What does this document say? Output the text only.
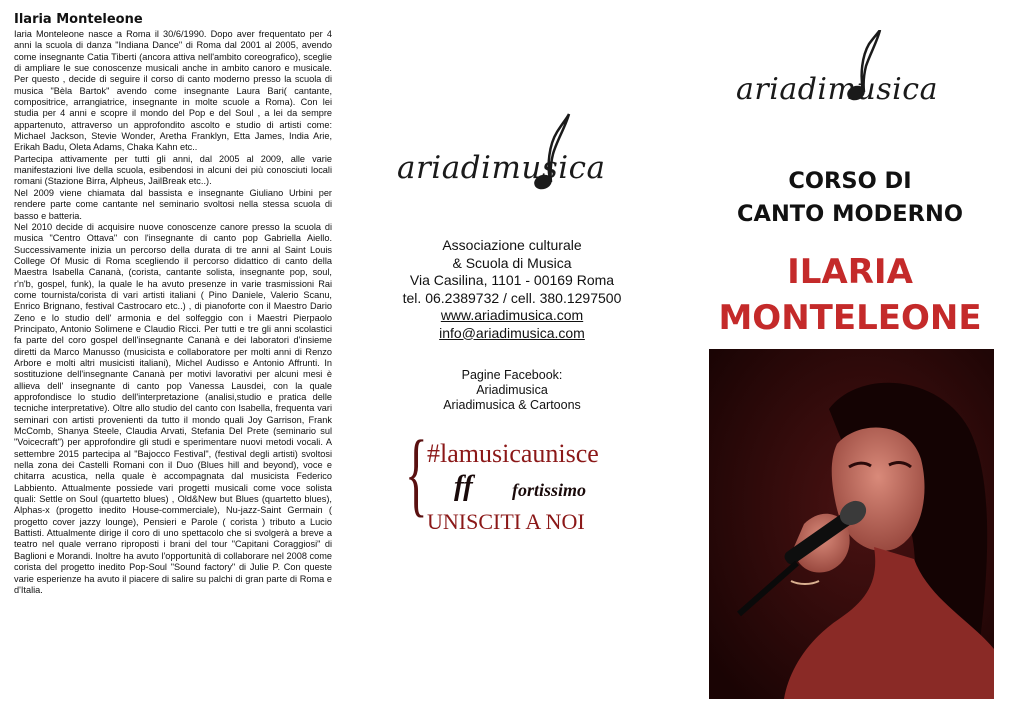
Ilaria Monteleone

Iaria Monteleone nasce a Roma il 30/6/1990. Dopo aver frequentato per 4 anni la scuola di danza "Indiana Dance" di Roma dal 2001 al 2005, avendo come insegnante Catia Tiberti (ancora attiva nell'ambito coreografico), sceglie di ampliare le sue conoscenze musicali anche in ambito canoro e musicale. Per questo , decide di seguire il corso di canto moderno presso la scuola di musica "Bèla Bartok" avendo come insegnante Laura Bari( cantante, compositrice, arrangiatrice, insegnante in molte scuole a Roma). Con lei studia per 4 anni e scopre il mondo del Pop e del Soul , a lei da sempre appartenuto, attraverso un approfondito ascolto e studio di artisti come: Michael Jackson, Stevie Wonder, Aretha Franklyn, Etta James, India Arie, Erikah Badu, Oleta Adams, Chaka Kahn etc..
Partecipa attivamente per tutti gli anni, dal 2005 al 2009, alle varie manifestazioni live della scuola, esibendosi in alcuni dei più conosciuti locali romani (Stazione Birra, Alpheus, JailBreak etc..).
Nel 2009 viene chiamata dal bassista e insegnante Giuliano Urbini per rendere parte come cantante nel seminario svoltosi nella stessa scuola di basso e batteria.
Nel 2010 decide di acquisire nuove conoscenze canore presso la scuola di musica "Centro Ottava" con l'insegnante di canto pop Gabriella Aiello. Successivamente inizia un percorso della durata di tre anni al Saint Louis College Of Music di Roma scegliendo il percorso didattico di canto della Maestra Isabella Cananà, (corista, cantante solista, insegnante pop, soul, r'n'b, gospel, funk), la quale le ha avuto presenze in varie trasmissioni Rai come tournista/corista di vari artisti italiani ( Pino Daniele, Valerio Scanu, Enrico Brignano, festival Castrocaro etc..) , di pianoforte con il Maestro Dario Zeno e lo studio dell' armonia e del solfeggio con i Maestri Pierpaolo Principato, Antonio Solimene e Claudio Ricci. Per tutti e tre gli anni scolastici fa parte del coro gospel dell'insegnante Cananà e dei laboratori d'insieme diretti da Marco Manusso (musicista e collaboratore per molti anni di Renzo Arbore e molti altri musicisti italiani), Michel Audisso e Antonio Affrunti. In sostituzione dell'insegnante Cananà per motivi lavorativi per alcuni mesi è allieva dell' insegnante di canto pop Vanessa Lausdei, con la quale approfondisce lo studio dell'interpretazione (analisi,studio e pratica delle tecniche interpretative). Oltre allo studio del canto con Isabella, frequenta vari seminari con artisti provenienti da tutto il mondo quali Joy Garrison, Frank McComb, Shanya Steele, Claudia Arvati, Stefania Del Prete (seminario sul "Voicecraft") per approfondire gli studi e sperimentare nuovi metodi vocali. A settembre 2015 partecipa al "Bajocco Festival", (festival degli artisti) svoltosi nella zona dei Castelli Romani con il Duo (Blues hill and beyond), voce e chitarra acustica, nella quale è accompagnata dal musicista Federico Labbiento. Attualmente possiede vari progetti musicali come voce solista quali: Settle on Soul (quartetto blues) , Old&New but Blues (quartetto blues), Alphas-x (progetto inedito House-commerciale), Nu-jazz-Saint Germain ( progetto cover jazzy lounge), Pensieri e Parole ( corista ) tributo a Lucio Battisti. Attualmente dirige il coro di uno spettacolo che si svolgerà a breve a teatro nel quale verrano riproposti i brani del tour "Capitani Coraggiosi" di Baglioni e Morandi. Inoltre ha avuto l'opportunità di collaborare nel 2008 come corista del progetto inedito Pop-Soul "Sound factory" di Julie P. Con queste varie esperienze ha avuto il piacere di salire su palchi di gran parte di Roma e d'Italia.

ariadimusica
Associazione culturale
& Scuola di Musica
Via Casilina, 1101 - 00169 Roma
tel. 06.2389732 / cell. 380.1297500
www.ariadimusica.com
info@ariadimusica.com
Pagine Facebook:
Ariadimusica
Ariadimusica & Cartoons
{ #lamusicaunisce
ff fortissimo
UNISCITI A NOI
ariadimusica
CORSO DI
CANTO MODERNO
ILARIA
MONTELEONE
